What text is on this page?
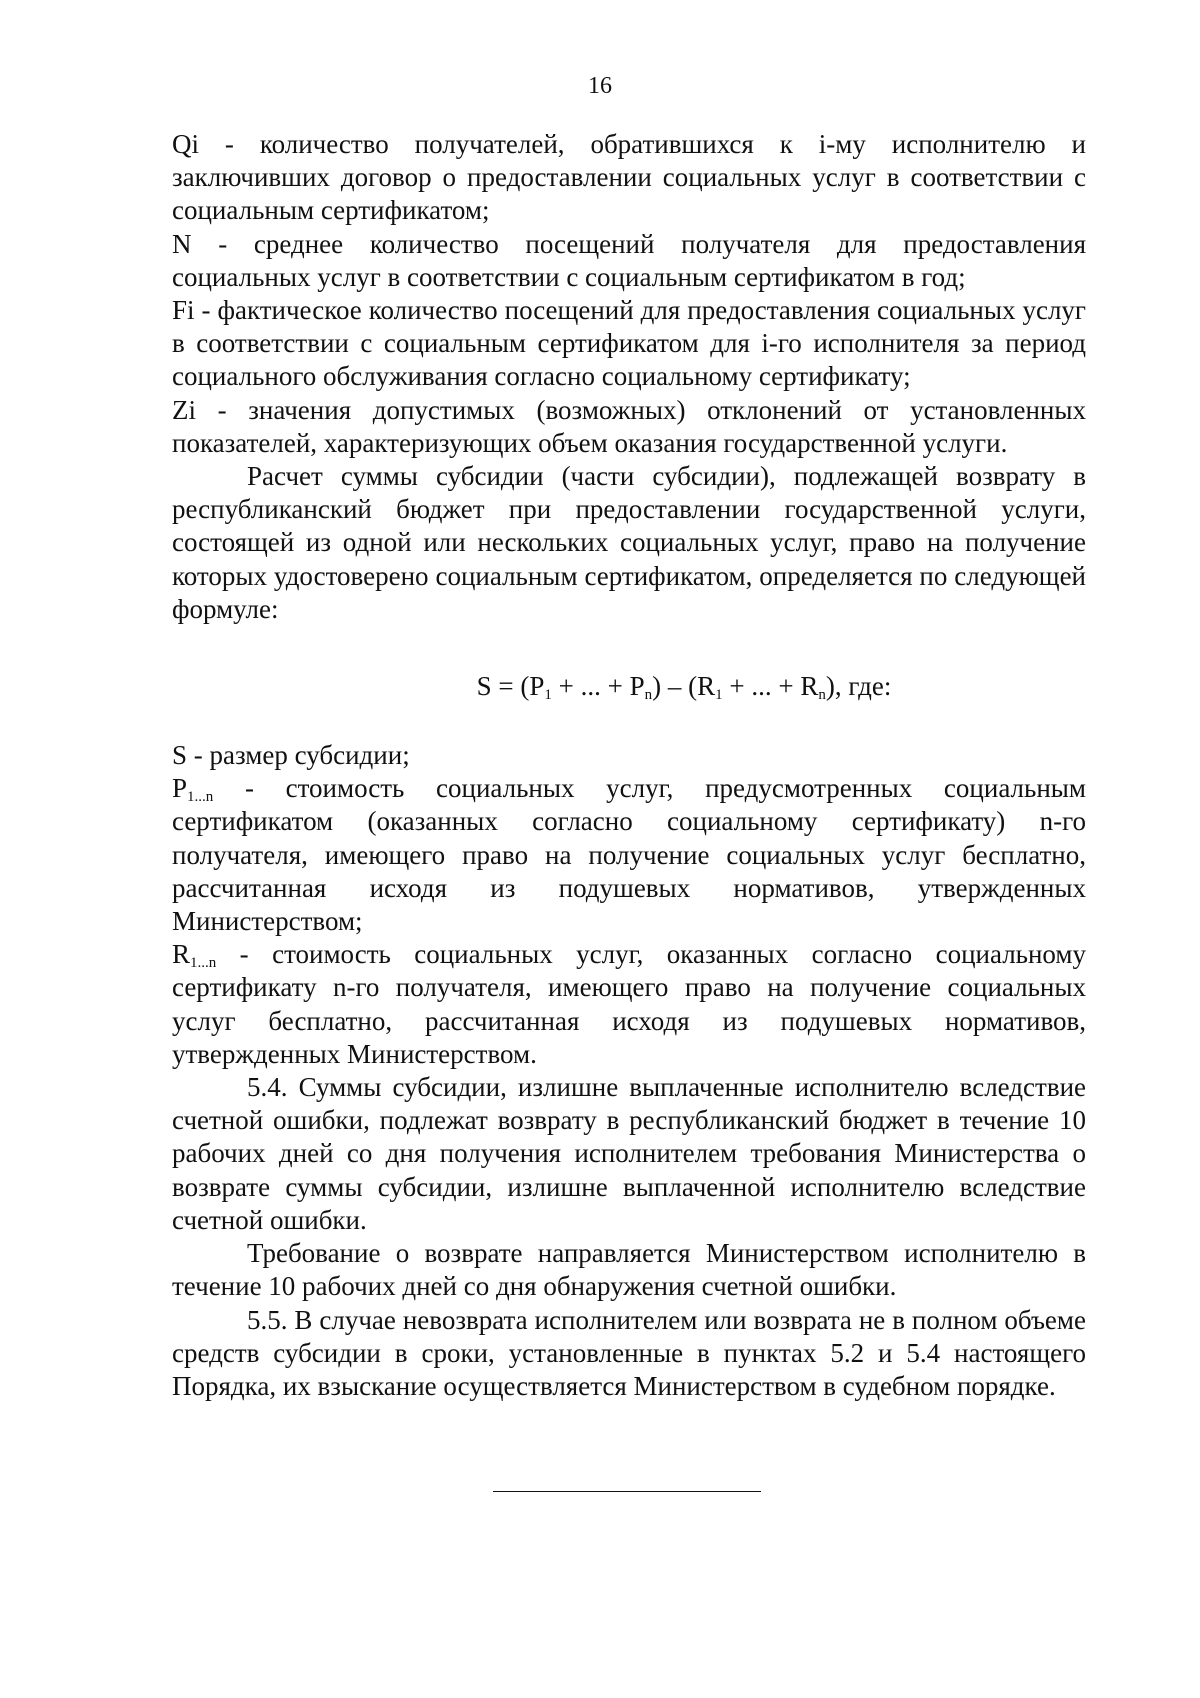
16

Qi - количество получателей, обратившихся к i-му исполнителю и заключивших договор о предоставлении социальных услуг в соответствии с социальным сертификатом;

N - среднее количество посещений получателя для предоставления социальных услуг в соответствии с социальным сертификатом в год;

Fi - фактическое количество посещений для предоставления социальных услуг в соответствии с социальным сертификатом для i-го исполнителя за период социального обслуживания согласно социальному сертификату;

Zi - значения допустимых (возможных) отклонений от установленных показателей, характеризующих объем оказания государственной услуги.

Расчет суммы субсидии (части субсидии), подлежащей возврату в республиканский бюджет при предоставлении государственной услуги, состоящей из одной или нескольких социальных услуг, право на получение которых удостоверено социальным сертификатом, определяется по следующей формуле:

$S = (P_1$ + ... + $P_n) - (R_1$ + ... + $R_n$), где:

S - размер субсидии;

$P_{1...n}$ - стоимость социальных услуг, предусмотренных социальным сертификатом (оказанных согласно социальному сертификату) n-го получателя, имеющего право на получение социальных услуг бесплатно, рассчитанная исходя из подушевых нормативов, утвержденных Министерством;

$R_{1...n}$ - стоимость социальных услуг, оказанных согласно социальному сертификату n-го получателя, имеющего право на получение социальных услуг бесплатно, рассчитанная исходя из подушевых нормативов, утвержденных Министерством.

5.4. Суммы субсидии, излишне выплаченные исполнителю вследствие счетной ошибки, подлежат возврату в республиканский бюджет в течение 10 рабочих дней со дня получения исполнителем требования Министерства о возврате суммы субсидии, излишне выплаченной исполнителю вследствие счетной ошибки.

Требование о возврате направляется Министерством исполнителю в течение 10 рабочих дней со дня обнаружения счетной ошибки.

5.5. В случае невозврата исполнителем или возврата не в полном объеме средств субсидии в сроки, установленные в пунктах 5.2 и 5.4 настоящего Порядка, их взыскание осуществляется Министерством в судебном порядке.
